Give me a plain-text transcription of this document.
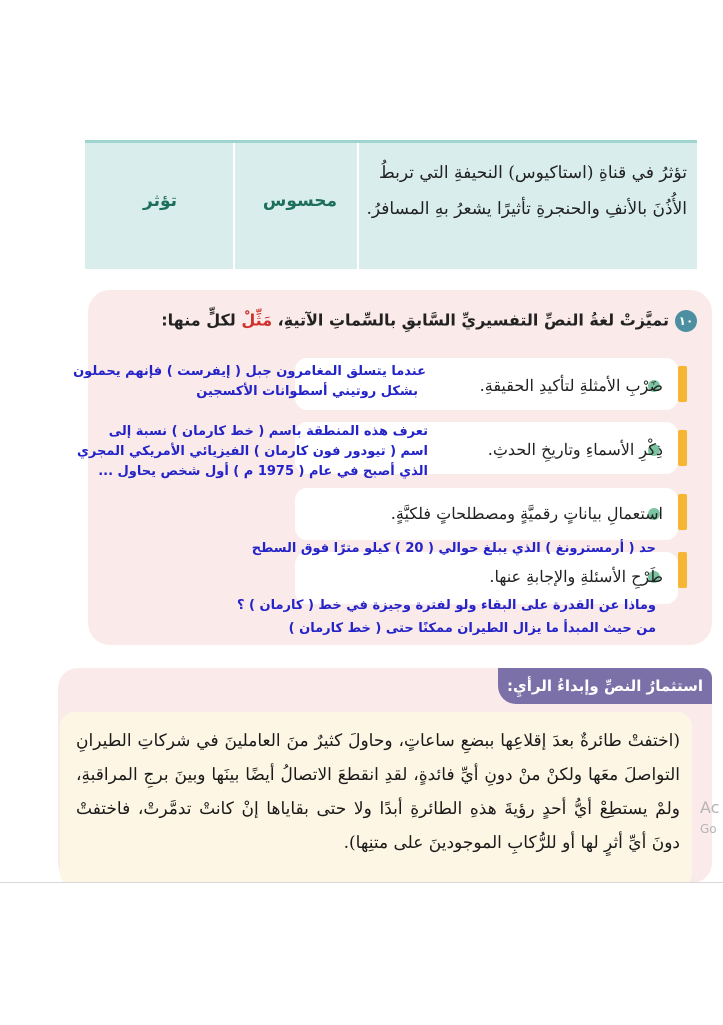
تؤثرُ في قناةِ (استاكيوس) النحيفةِ التي تربطُ الأُذُنَ بالأنفِ والحنجرةِ تأثيرًا يشعرُ بهِ المسافرُ.
محسوس
تؤثر
١٠تميَّزتْ لغةُ النصِّ التفسيريِّ السَّابقِ بالسِّماتِ الآتيةِ، مَثِّلْ لكلٍّ منها:
ضَرْبِ الأمثلةِ لتأكيدِ الحقيقةِ.
ذِكْرِ الأسماءِ وتاريخِ الحدثِ.
استعمالِ بياناتٍ رقميَّةٍ ومصطلحاتٍ فلكيَّةٍ.
طَرْحِ الأسئلةِ والإجابةِ عنها.
عندما يتسلق المغامرون جبل ( إيفرست ) فإنهم يحملون
بشكل روتيني أسطوانات الأكسجين
تعرف هذه المنطقة باسم ( خط كارمان ) نسبة إلى
اسم ( تيودور فون كارمان ) الفيزيائي الأمريكي المجري
الذي أصبح في عام ( 1975 م ) أول شخص يحاول ...
حد ( أرمسترونغ ) الذي يبلغ حوالي ( 20 ) كيلو مترًا فوق السطح
وماذا عن القدرة على البقاء ولو لفترة وجيزة في خط ( كارمان ) ؟
من حيث المبدأ ما يزال الطيران ممكنًا حتى ( خط كارمان )
استثمارُ النصِّ وإبداءُ الرأيِ:
(اختفتْ طائرةٌ بعدَ إقلاعِها ببضعِ ساعاتٍ، وحاولَ كثيرٌ منَ العاملينَ في شركاتِ الطيرانِ التواصلَ معَها ولكنْ منْ دونِ أيِّ فائدةٍ، لقدِ انقطعَ الاتصالُ أيضًا بينَها وبينَ برجِ المراقبةِ، ولمْ يستطِعْ أيُّ أحدٍ رؤيةَ هذهِ الطائرةِ أبدًا ولا حتى بقاياها إنْ كانتْ تدمَّرتْ، فاختفتْ دونَ أيِّ أثرٍ لها أو للرُّكابِ الموجودينَ على متنِها).
Ac
Go
